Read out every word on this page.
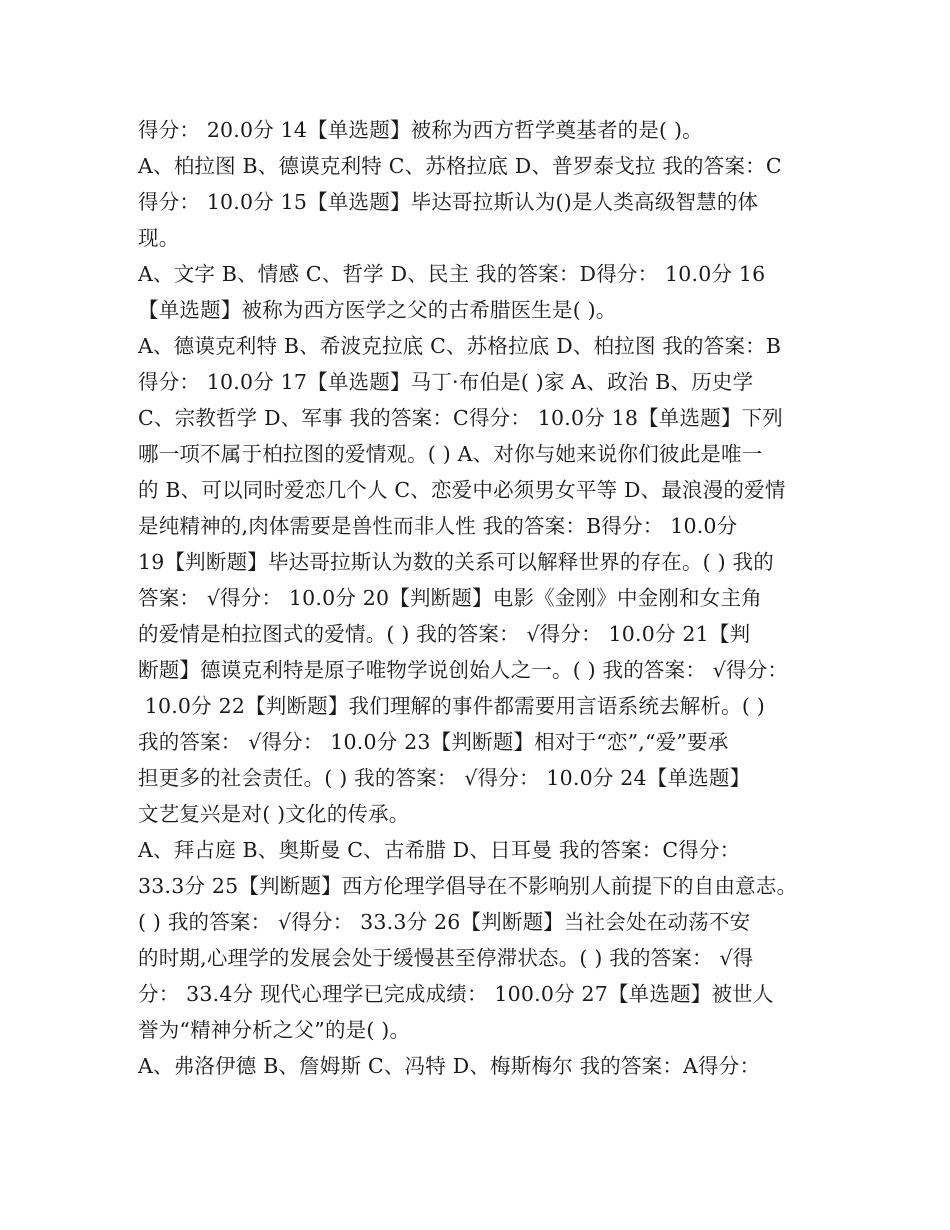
得分： 20.0分 14【单选题】被称为西方哲学奠基者的是( )。
A、柏拉图 B、德谟克利特 C、苏格拉底 D、普罗泰戈拉 我的答案：C
得分： 10.0分 15【单选题】毕达哥拉斯认为()是人类高级智慧的体
现。
A、文字 B、情感 C、哲学 D、民主 我的答案：D得分： 10.0分 16
【单选题】被称为西方医学之父的古希腊医生是( )。
A、德谟克利特 B、希波克拉底 C、苏格拉底 D、柏拉图 我的答案：B
得分： 10.0分 17【单选题】马丁·布伯是( )家 A、政治 B、历史学
C、宗教哲学 D、军事 我的答案：C得分： 10.0分 18【单选题】下列
哪一项不属于柏拉图的爱情观。( ) A、对你与她来说你们彼此是唯一
的 B、可以同时爱恋几个人 C、恋爱中必须男女平等 D、最浪漫的爱情
是纯精神的,肉体需要是兽性而非人性 我的答案：B得分： 10.0分
19【判断题】毕达哥拉斯认为数的关系可以解释世界的存在。( ) 我的
答案： √得分： 10.0分 20【判断题】电影《金刚》中金刚和女主角
的爱情是柏拉图式的爱情。( ) 我的答案： √得分： 10.0分 21【判
断题】德谟克利特是原子唯物学说创始人之一。( ) 我的答案： √得分：
10.0分 22【判断题】我们理解的事件都需要用言语系统去解析。( )
我的答案： √得分： 10.0分 23【判断题】相对于“恋”,“爱”要承
担更多的社会责任。( ) 我的答案： √得分： 10.0分 24【单选题】
文艺复兴是对( )文化的传承。
A、拜占庭 B、奥斯曼 C、古希腊 D、日耳曼 我的答案：C得分：
33.3分 25【判断题】西方伦理学倡导在不影响别人前提下的自由意志。
( ) 我的答案： √得分： 33.3分 26【判断题】当社会处在动荡不安
的时期,心理学的发展会处于缓慢甚至停滞状态。( ) 我的答案： √得
分： 33.4分 现代心理学已完成成绩： 100.0分 27【单选题】被世人
誉为“精神分析之父”的是( )。
A、弗洛伊德 B、詹姆斯 C、冯特 D、梅斯梅尔 我的答案：A得分：
